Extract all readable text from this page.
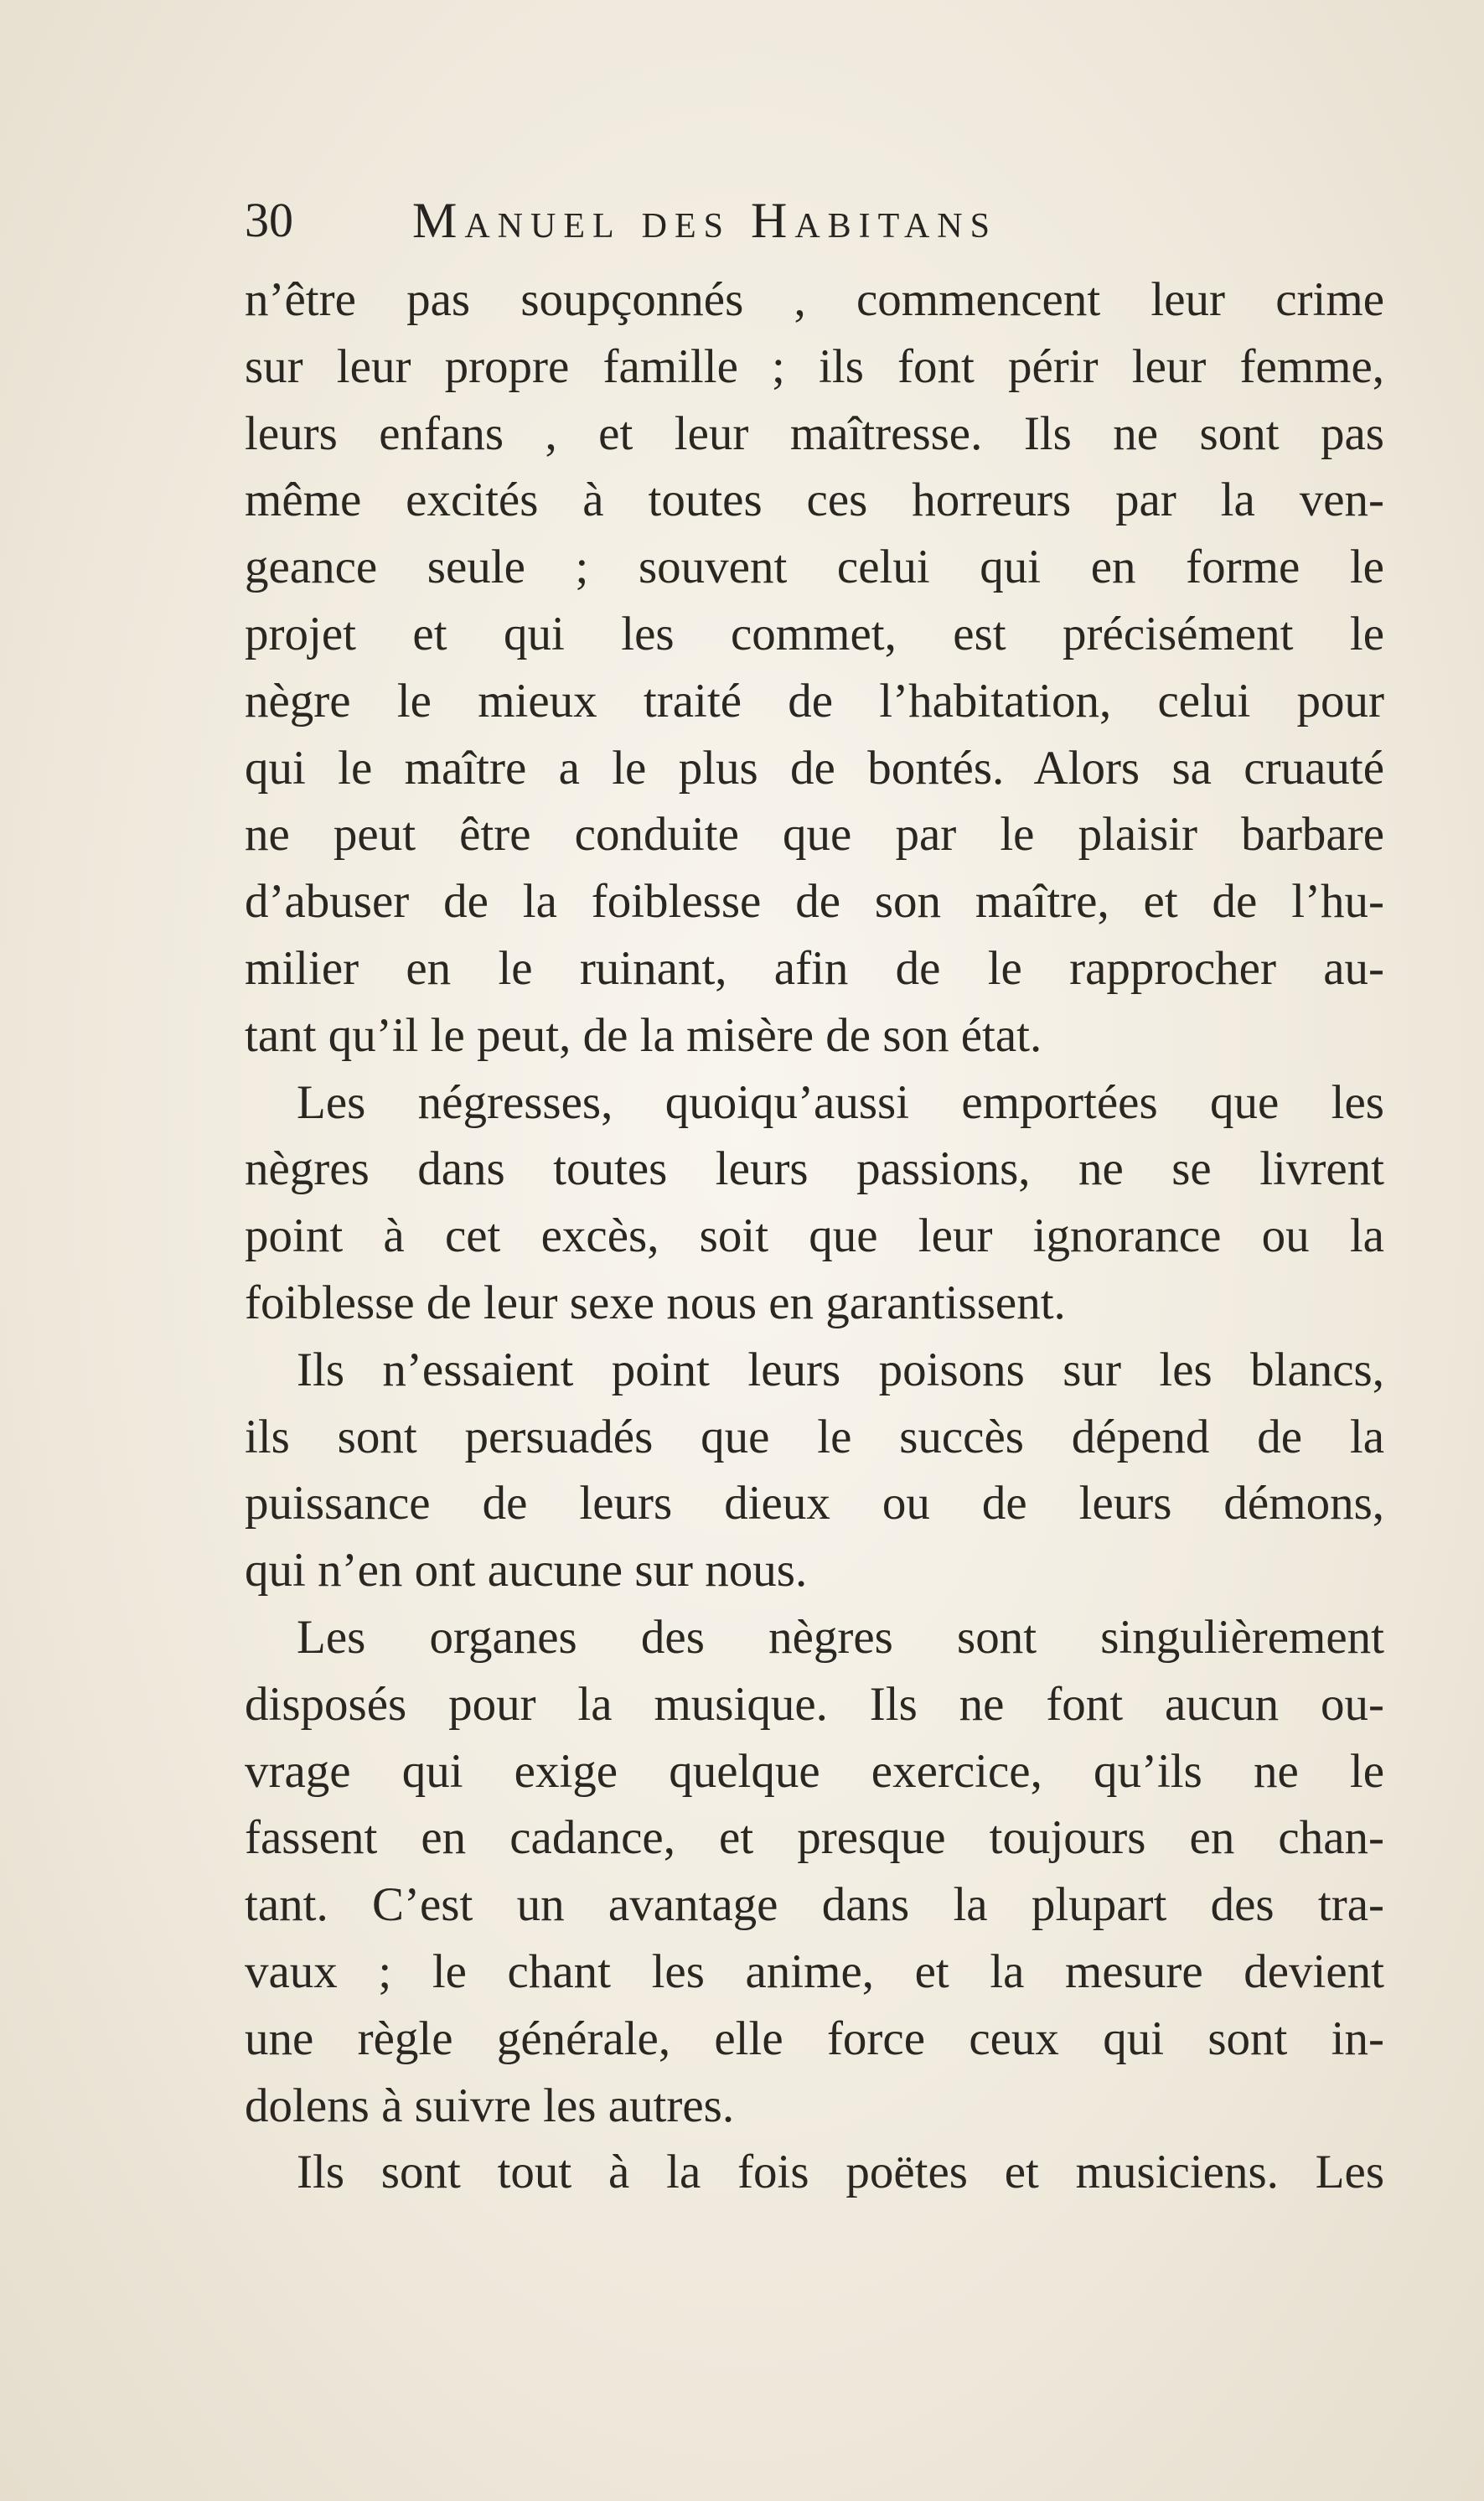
30 Manuel des Habitans
n’être pas soupçonnés , commencent leur crime
sur leur propre famille ; ils font périr leur femme,
leurs enfans , et leur maîtresse. Ils ne sont pas
même excités à toutes ces horreurs par la ven-
geance seule ; souvent celui qui en forme le
projet et qui les commet, est précisément le
nègre le mieux traité de l’habitation, celui pour
qui le maître a le plus de bontés. Alors sa cruauté
ne peut être conduite que par le plaisir barbare
d’abuser de la foiblesse de son maître, et de l’hu-
milier en le ruinant, afin de le rapprocher au-
tant qu’il le peut, de la misère de son état.
Les négresses, quoiqu’aussi emportées que les
nègres dans toutes leurs passions, ne se livrent
point à cet excès, soit que leur ignorance ou la
foiblesse de leur sexe nous en garantissent.
Ils n’essaient point leurs poisons sur les blancs,
ils sont persuadés que le succès dépend de la
puissance de leurs dieux ou de leurs démons,
qui n’en ont aucune sur nous.
Les organes des nègres sont singulièrement
disposés pour la musique. Ils ne font aucun ou-
vrage qui exige quelque exercice, qu’ils ne le
fassent en cadance, et presque toujours en chan-
tant. C’est un avantage dans la plupart des tra-
vaux ; le chant les anime, et la mesure devient
une règle générale, elle force ceux qui sont in-
dolens à suivre les autres.
Ils sont tout à la fois poëtes et musiciens. Les
